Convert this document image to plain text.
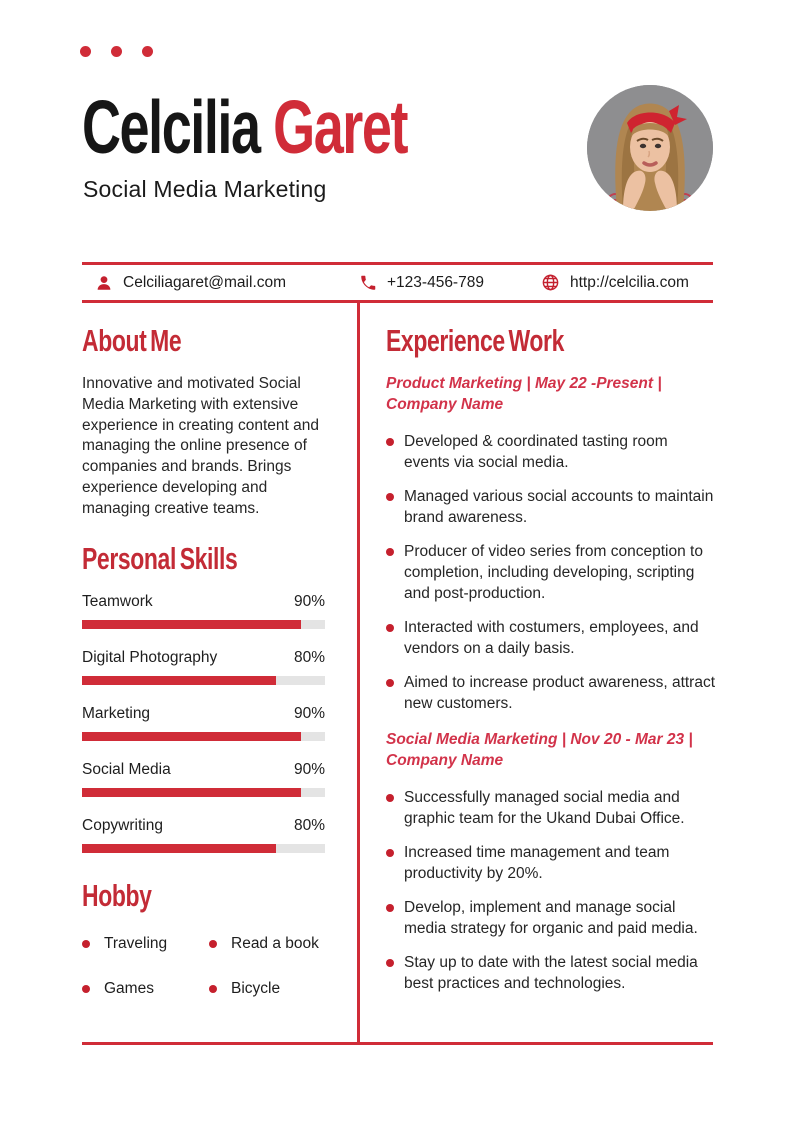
Celcilia Garet

Social Media Marketing

Celciliagaret@mail.com	+123-456-789	http://celcilia.com
About Me

Innovative and motivated Social Media Marketing with extensive experience in creating content and managing the online presence of companies and brands. Brings experience developing and managing creative teams.

Personal Skills
Teamwork	90%
Digital Photography	80%
Marketing	90%
Social Media	90%
Copywriting	80%
Hobby
Traveling	Read a book
Games	Bicycle
Experience Work

Product Marketing | May 22 -Present | Company Name

Developed & coordinated tasting room events via social media.
Managed various social accounts to maintain brand awareness.
Producer of video series from conception to completion, including developing, scripting and post-production.
Interacted with costumers, employees, and vendors on a daily basis.
Aimed to increase product awareness, attract new customers.

Social Media Marketing | Nov 20 - Mar 23 | Company Name

Successfully managed social media and graphic team for the Ukand Dubai Office.
Increased time management and team productivity by 20%.
Develop, implement and manage social media strategy for organic and paid media.
Stay up to date with the latest social media best practices and technologies.
